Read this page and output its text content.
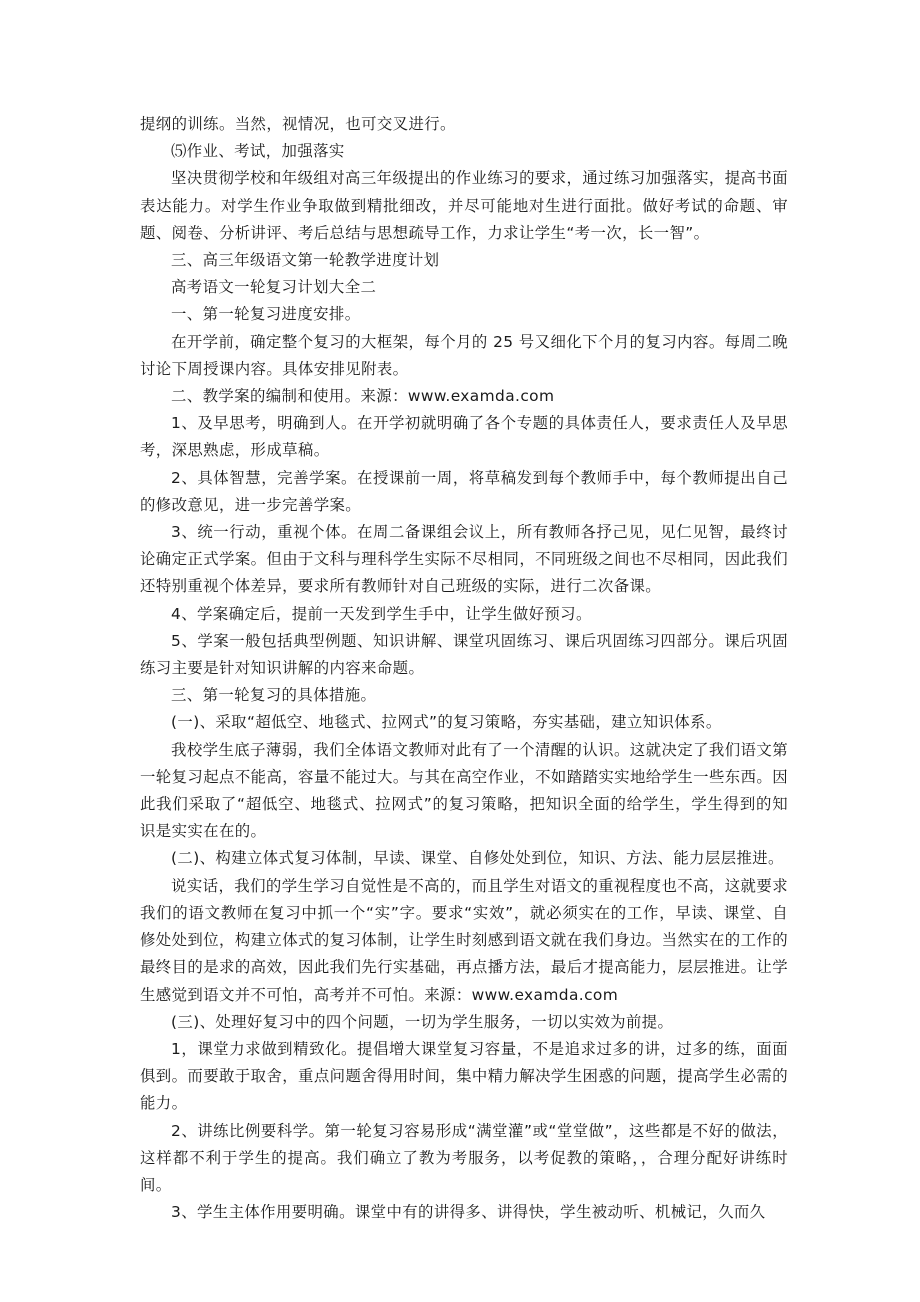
提纲的训练。当然，视情况，也可交叉进行。

⑸作业、考试，加强落实

坚决贯彻学校和年级组对高三年级提出的作业练习的要求，通过练习加强落实，提高书面表达能力。对学生作业争取做到精批细改，并尽可能地对生进行面批。做好考试的命题、审题、阅卷、分析讲评、考后总结与思想疏导工作，力求让学生“考一次，长一智”。

三、高三年级语文第一轮教学进度计划

高考语文一轮复习计划大全二

一、第一轮复习进度安排。

在开学前，确定整个复习的大框架，每个月的 25 号又细化下个月的复习内容。每周二晚讨论下周授课内容。具体安排见附表。

二、教学案的编制和使用。来源：www.examda.com

1、及早思考，明确到人。在开学初就明确了各个专题的具体责任人，要求责任人及早思考，深思熟虑，形成草稿。

2、具体智慧，完善学案。在授课前一周，将草稿发到每个教师手中，每个教师提出自己的修改意见，进一步完善学案。

3、统一行动，重视个体。在周二备课组会议上，所有教师各抒己见，见仁见智，最终讨论确定正式学案。但由于文科与理科学生实际不尽相同，不同班级之间也不尽相同，因此我们还特别重视个体差异，要求所有教师针对自己班级的实际，进行二次备课。

4、学案确定后，提前一天发到学生手中，让学生做好预习。

5、学案一般包括典型例题、知识讲解、课堂巩固练习、课后巩固练习四部分。课后巩固练习主要是针对知识讲解的内容来命题。

三、第一轮复习的具体措施。

(一)、采取“超低空、地毯式、拉网式”的复习策略，夯实基础，建立知识体系。

我校学生底子薄弱，我们全体语文教师对此有了一个清醒的认识。这就决定了我们语文第一轮复习起点不能高，容量不能过大。与其在高空作业，不如踏踏实实地给学生一些东西。因此我们采取了“超低空、地毯式、拉网式”的复习策略，把知识全面的给学生，学生得到的知识是实实在在的。

(二)、构建立体式复习体制，早读、课堂、自修处处到位，知识、方法、能力层层推进。

说实话，我们的学生学习自觉性是不高的，而且学生对语文的重视程度也不高，这就要求我们的语文教师在复习中抓一个“实”字。要求“实效”，就必须实在的工作，早读、课堂、自修处处到位，构建立体式的复习体制，让学生时刻感到语文就在我们身边。当然实在的工作的最终目的是求的高效，因此我们先行实基础，再点播方法，最后才提高能力，层层推进。让学生感觉到语文并不可怕，高考并不可怕。来源：www.examda.com

(三)、处理好复习中的四个问题，一切为学生服务，一切以实效为前提。

1，课堂力求做到精致化。提倡增大课堂复习容量，不是追求过多的讲，过多的练，面面俱到。而要敢于取舍，重点问题舍得用时间，集中精力解决学生困惑的问题，提高学生必需的能力。

2、讲练比例要科学。第一轮复习容易形成“满堂灌”或“堂堂做”，这些都是不好的做法，这样都不利于学生的提高。我们确立了教为考服务，以考促教的策略，，合理分配好讲练时间。

3、学生主体作用要明确。课堂中有的讲得多、讲得快，学生被动听、机械记，久而久
